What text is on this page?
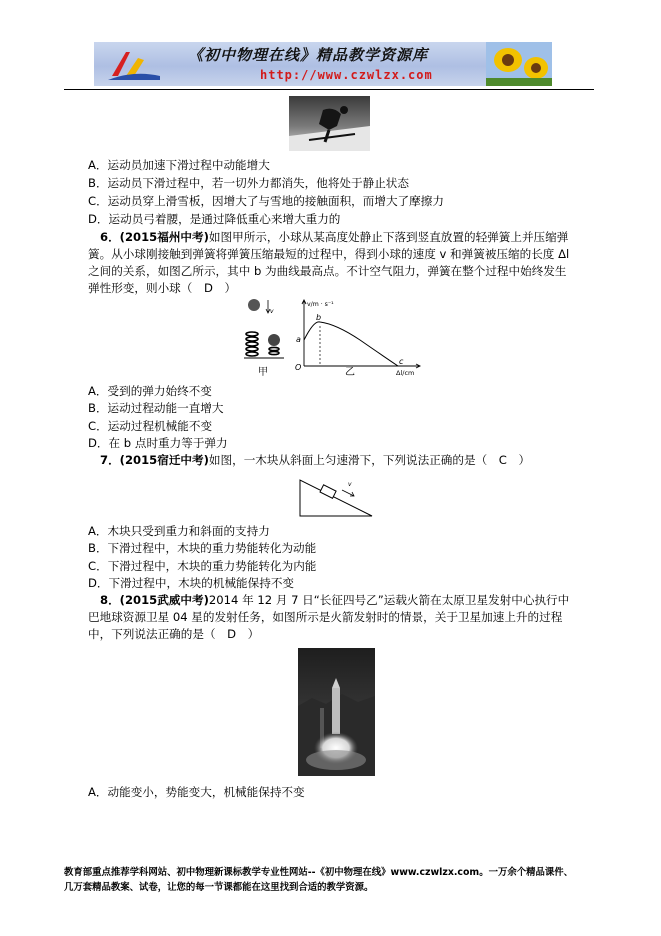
《初中物理在线》精品教学资源库
http://www.czwlzx.com
A．运动员加速下滑过程中动能增大
B．运动员下滑过程中，若一切外力都消失，他将处于静止状态
C．运动员穿上滑雪板，因增大了与雪地的接触面积，而增大了摩擦力
D．运动员弓着腰，是通过降低重心来增大重力的
6．(2015福州中考)如图甲所示，小球从某高度处静止下落到竖直放置的轻弹簧上并压缩弹簧。从小球刚接触到弹簧将弹簧压缩最短的过程中，得到小球的速度 v 和弹簧被压缩的长度 Δl 之间的关系，如图乙所示，其中 b 为曲线最高点。不计空气阻力，弹簧在整个过程中始终发生弹性形变，则小球（　D　）
v
甲
v/m · s⁻¹
O
a
b
c
Δl/cm
乙
A．受到的弹力始终不变
B．运动过程动能一直增大
C．运动过程机械能不变
D．在 b 点时重力等于弹力
7．(2015宿迁中考)如图，一木块从斜面上匀速滑下，下列说法正确的是（　C　）
v
A．木块只受到重力和斜面的支持力
B．下滑过程中，木块的重力势能转化为动能
C．下滑过程中，木块的重力势能转化为内能
D．下滑过程中，木块的机械能保持不变
8．(2015武威中考)2014 年 12 月 7 日“长征四号乙”运载火箭在太原卫星发射中心执行中巴地球资源卫星 04 星的发射任务，如图所示是火箭发射时的情景，关于卫星加速上升的过程中，下列说法正确的是（　D　）
A．动能变小，势能变大，机械能保持不变
教育部重点推荐学科网站、初中物理新课标教学专业性网站--《初中物理在线》www.czwlzx.com。一万余个精品课件、
几万套精品教案、试卷，让您的每一节课都能在这里找到合适的教学资源。
